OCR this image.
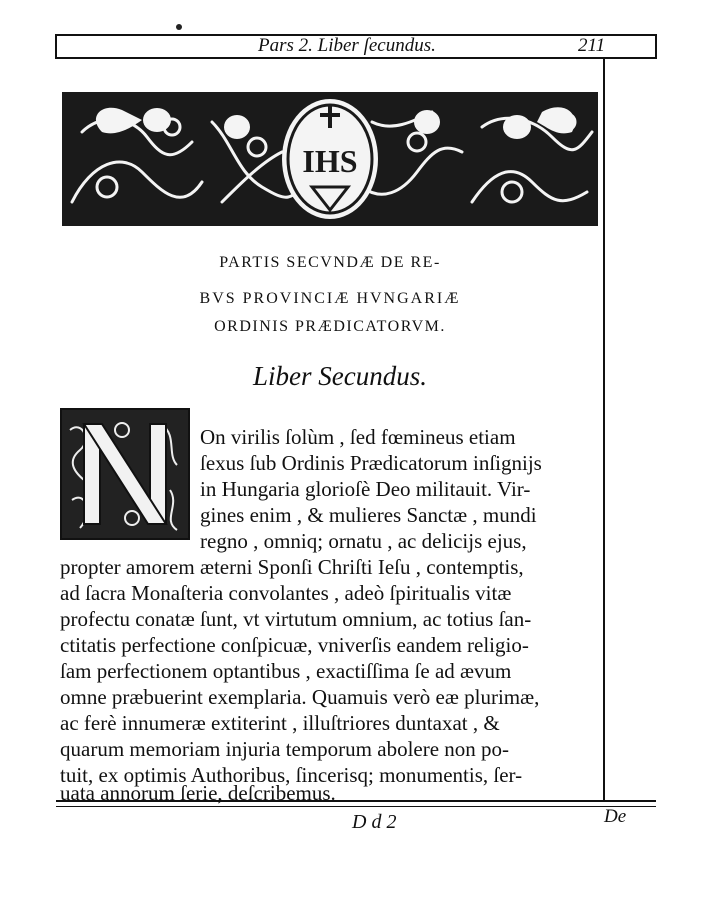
Pars 2. Liber ſecundus.	211
IHS
PARTIS SECVNDÆ DE RE-
BVS PROVINCIÆ HVNGARIÆ
ORDINIS PRÆDICATORVM.
Liber Secundus.
On virilis ſolùm , ſed fœmineus etiam
ſexus ſub Ordinis Prædicatorum inſignijs
in Hungaria glorioſè Deo militauit. Vir-
gines enim , & mulieres Sanctæ , mundi
regno , omniq; ornatu , ac delicijs ejus,
propter amorem æterni Sponſi Chriſti Ieſu , contemptis,
ad ſacra Monaſteria convolantes , adeò ſpiritualis vitæ
profectu conatæ ſunt, vt virtutum omnium, ac totius ſan-
ctitatis perfectione conſpicuæ, vniverſis eandem religio-
ſam perfectionem optantibus , exactiſſima ſe ad ævum
omne præbuerint exemplaria. Quamuis verò eæ plurimæ,
ac ferè innumeræ extiterint , illuſtriores duntaxat , &
quarum memoriam injuria temporum abolere non po-
tuit, ex optimis Authoribus, ſincerisq; monumentis, ſer-
uata annorum ſerie, deſcribemus.
D d 2	De
